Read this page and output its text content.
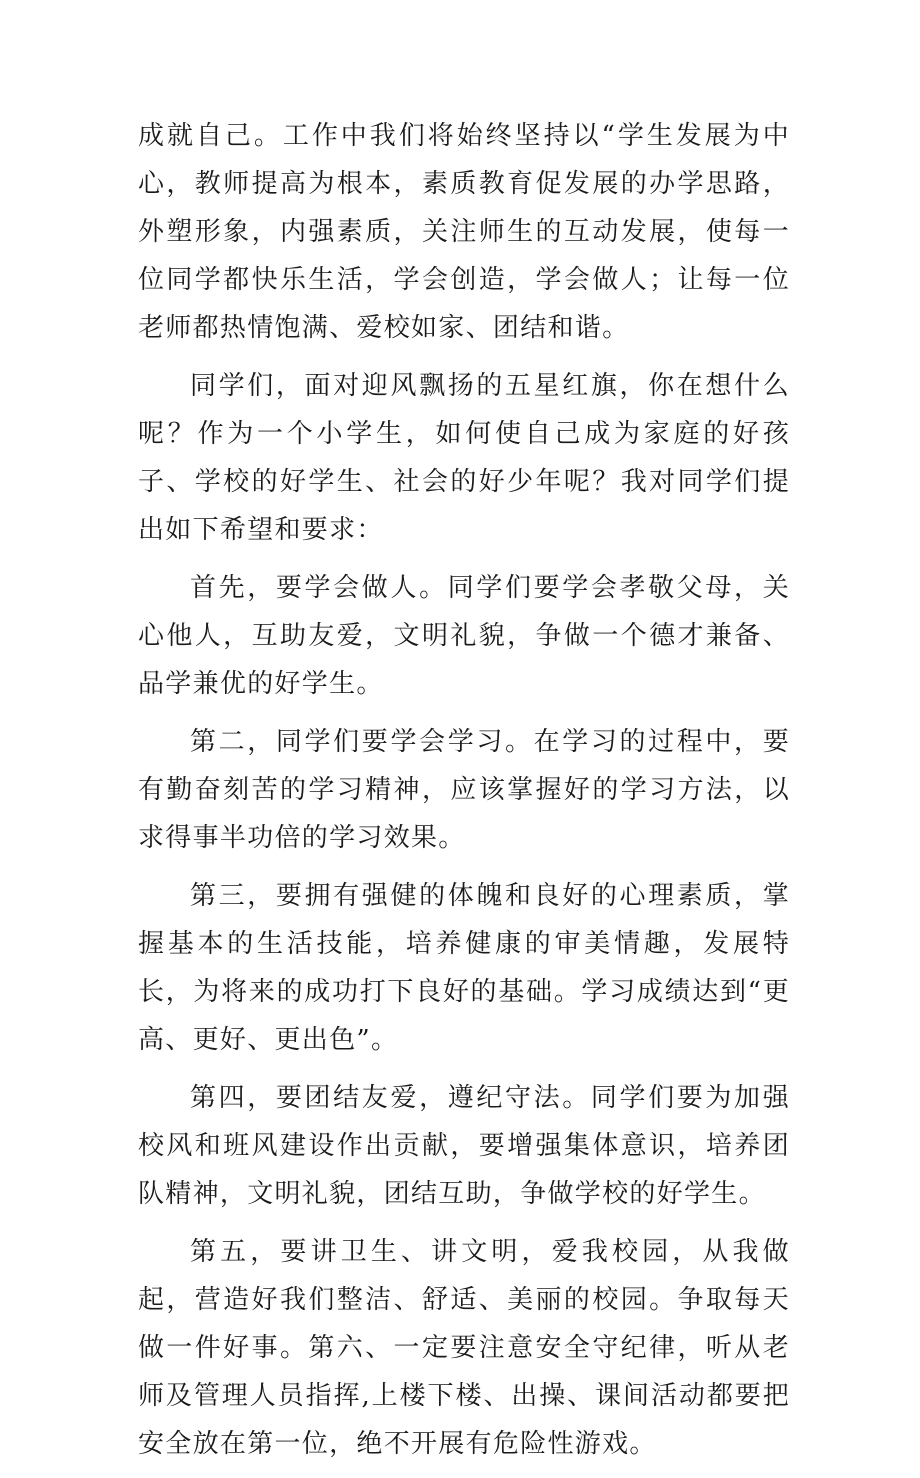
成就自己。工作中我们将始终坚持以“学生发展为中心，教师提高为根本，素质教育促发展的办学思路，外塑形象，内强素质，关注师生的互动发展，使每一位同学都快乐生活，学会创造，学会做人；让每一位老师都热情饱满、爱校如家、团结和谐。

同学们，面对迎风飘扬的五星红旗，你在想什么呢？作为一个小学生，如何使自己成为家庭的好孩子、学校的好学生、社会的好少年呢？我对同学们提出如下希望和要求：

首先，要学会做人。同学们要学会孝敬父母，关心他人，互助友爱，文明礼貌，争做一个德才兼备、品学兼优的好学生。

第二，同学们要学会学习。在学习的过程中，要有勤奋刻苦的学习精神，应该掌握好的学习方法，以求得事半功倍的学习效果。

第三，要拥有强健的体魄和良好的心理素质，掌握基本的生活技能，培养健康的审美情趣，发展特长，为将来的成功打下良好的基础。学习成绩达到“更高、更好、更出色”。

第四，要团结友爱，遵纪守法。同学们要为加强校风和班风建设作出贡献，要增强集体意识，培养团队精神，文明礼貌，团结互助，争做学校的好学生。

第五，要讲卫生、讲文明，爱我校园，从我做起，营造好我们整洁、舒适、美丽的校园。争取每天做一件好事。第六、一定要注意安全守纪律，听从老师及管理人员指挥,上楼下楼、出操、课间活动都要把安全放在第一位，绝不开展有危险性游戏。
